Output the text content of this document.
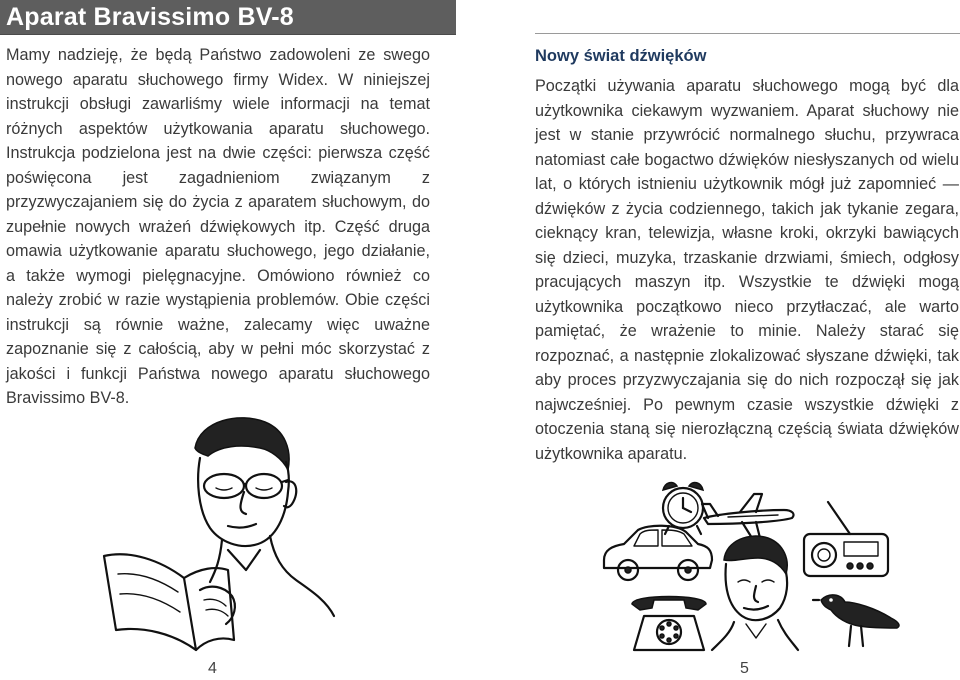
Aparat Bravissimo BV-8
Mamy nadzieję, że będą Państwo zadowoleni ze swego nowego aparatu słuchowego firmy Widex. W niniejszej instrukcji obsługi zawarliśmy wiele informacji na temat różnych aspektów użytkowania aparatu słuchowego. Instrukcja podzielona jest na dwie części: pierwsza część poświęcona jest zagadnieniom związanym z przyzwyczajaniem się do życia z aparatem słuchowym, do zupełnie nowych wrażeń dźwiękowych itp. Część druga omawia użytkowanie aparatu słuchowego, jego działanie, a także wymogi pielęgnacyjne. Omówiono również co należy zrobić w razie wystąpienia problemów. Obie części instrukcji są równie ważne, zalecamy więc uważne zapoznanie się z całością, aby w pełni móc skorzystać z jakości i funkcji Państwa nowego aparatu słuchowego Bravissimo BV-8.
Nowy świat dźwięków
Początki używania aparatu słuchowego mogą być dla użytkownika ciekawym wyzwaniem. Aparat słuchowy nie jest w stanie przywrócić normalnego słuchu, przywraca natomiast całe bogactwo dźwięków niesłyszanych od wielu lat, o których istnieniu użytkownik mógł już zapomnieć — dźwięków z życia codziennego, takich jak tykanie zegara, cieknący kran, telewizja, własne kroki, okrzyki bawiących się dzieci, muzyka, trzaskanie drzwiami, śmiech, odgłosy pracujących maszyn itp. Wszystkie te dźwięki mogą użytkownika początkowo nieco przytłaczać, ale warto pamiętać, że wrażenie to minie. Należy starać się rozpoznać, a następnie zlokalizować słyszane dźwięki, tak aby proces przyzwyczajania się do nich rozpoczął się jak najwcześniej. Po pewnym czasie wszystkie dźwięki z otoczenia staną się nierozłączną częścią świata dźwięków użytkownika aparatu.
4	5
